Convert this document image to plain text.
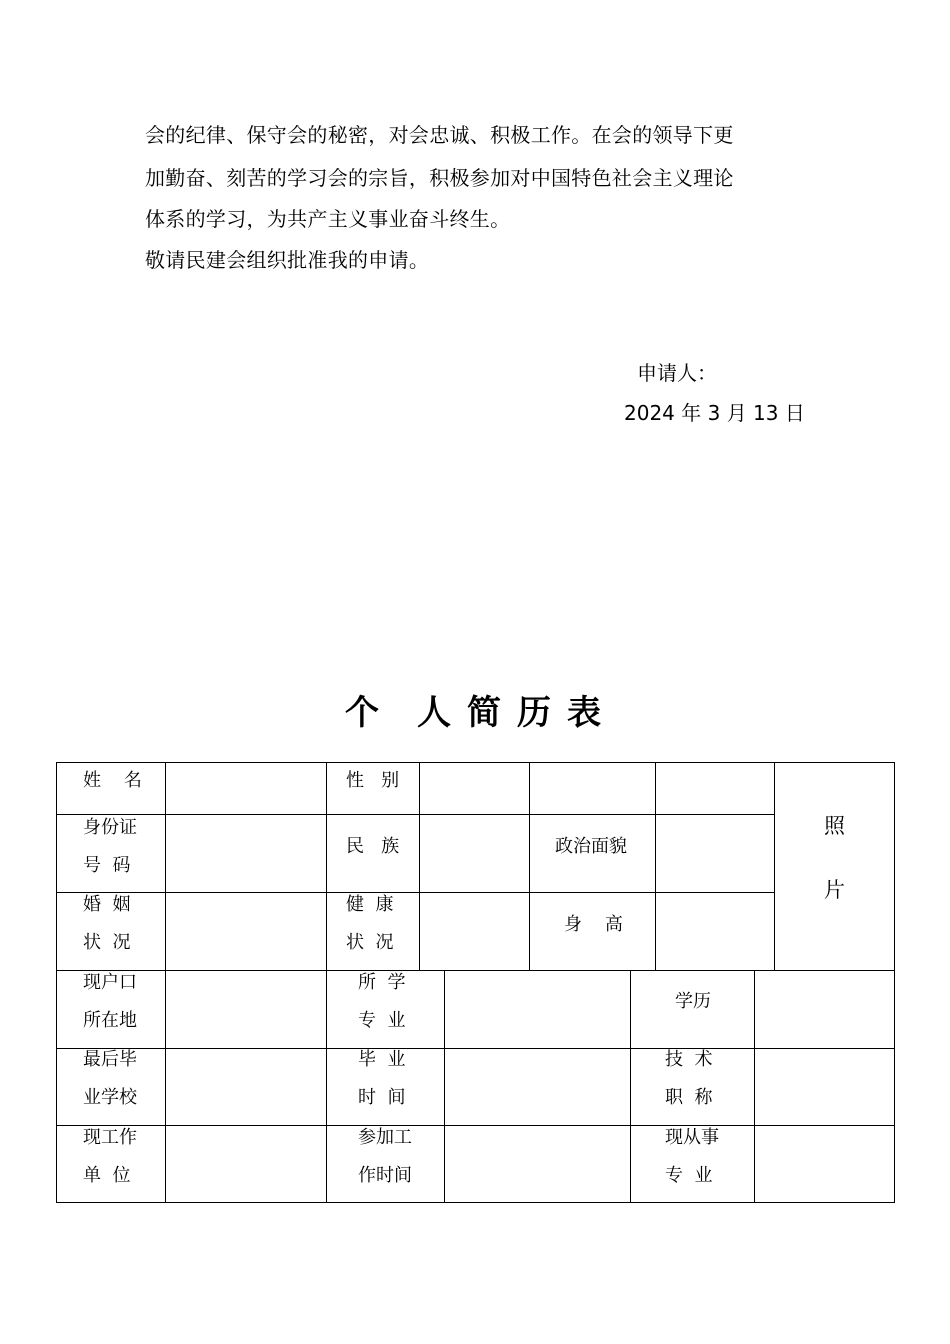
会的纪律、保守会的秘密，对会忠诚、积极工作。在会的领导下更
加勤奋、刻苦的学习会的宗旨，积极参加对中国特色社会主义理论
体系的学习，为共产主义事业奋斗终生。
敬请民建会组织批准我的申请。
申请人：
2024 年 3 月 13 日
个 人 简 历 表
姓 名	性 别
身份证
号  码
民 族	政治面貌
婚  姻
状  况
健  康
状  况
身 高
照
片
现户口
所在地
所  学
专  业
学历
最后毕
业学校
毕  业
时  间
技  术
职  称
现工作
单  位
参加工
作时间
现从事
专  业
